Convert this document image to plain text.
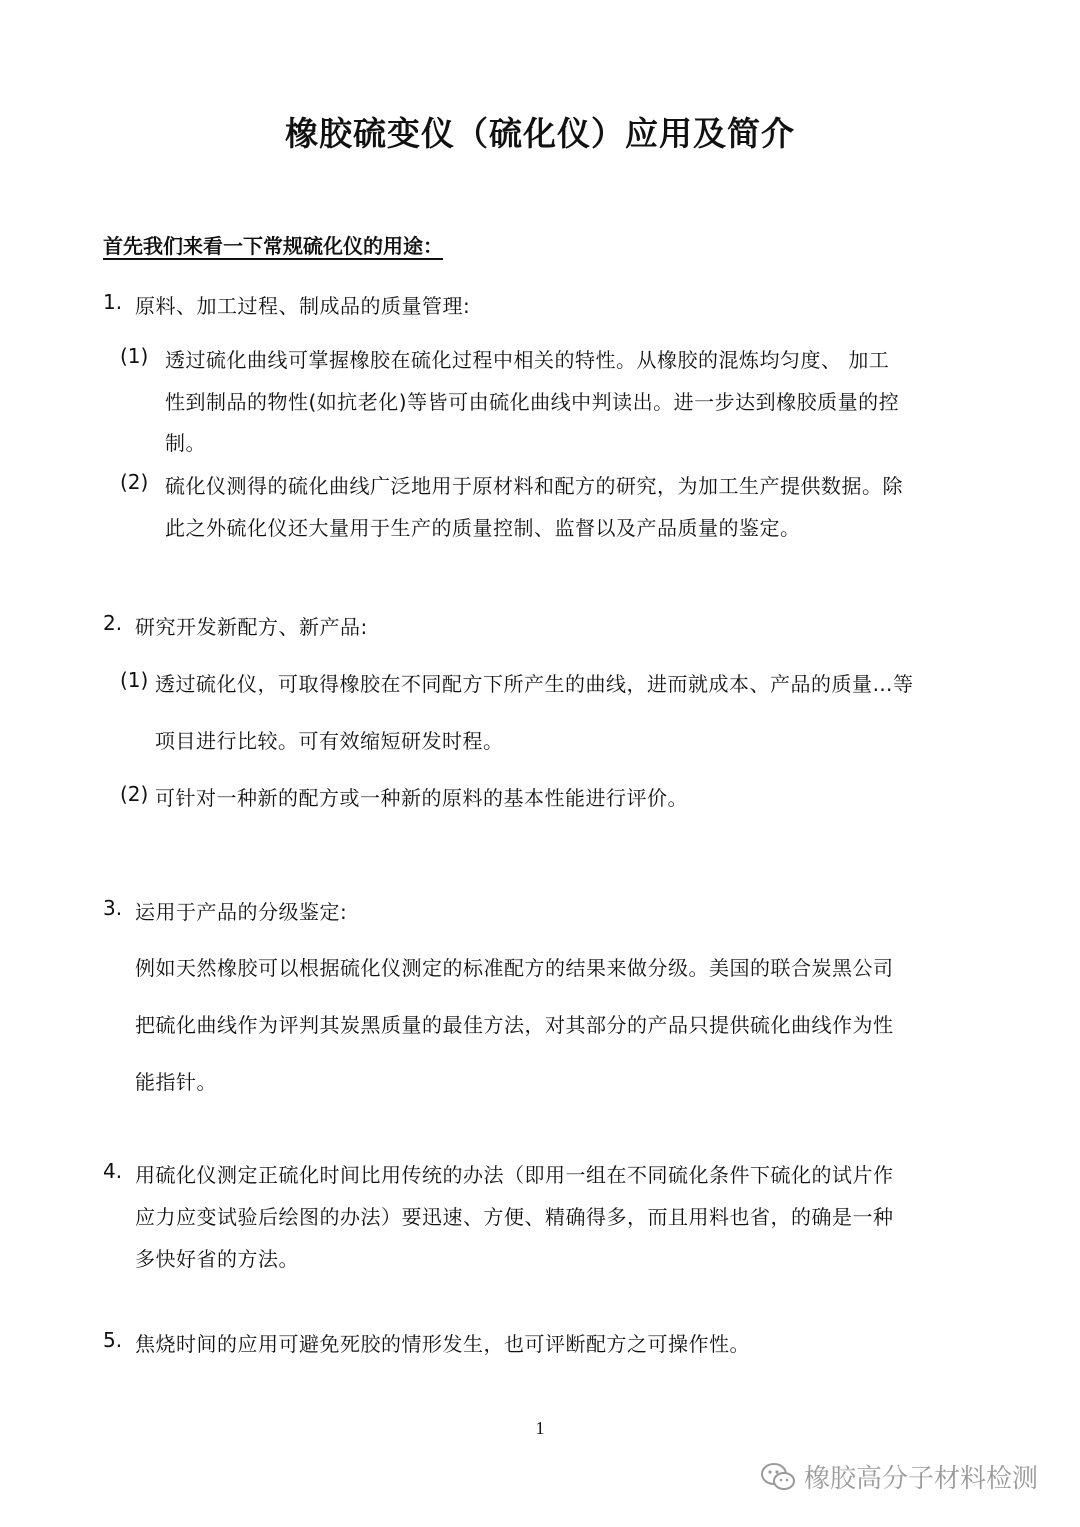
橡胶硫变仪（硫化仪）应用及简介
首先我们来看一下常规硫化仪的用途：
1. 原料、加工过程、制成品的质量管理:
(1) 透过硫化曲线可掌握橡胶在硫化过程中相关的特性。从橡胶的混炼均匀度、 加工
性到制品的物性(如抗老化)等皆可由硫化曲线中判读出。进一步达到橡胶质量的控
制。
(2) 硫化仪测得的硫化曲线广泛地用于原材料和配方的研究，为加工生产提供数据。除
此之外硫化仪还大量用于生产的质量控制、监督以及产品质量的鉴定。
2. 研究开发新配方、新产品:
(1) 透过硫化仪，可取得橡胶在不同配方下所产生的曲线，进而就成本、产品的质量…等
项目进行比较。可有效缩短研发时程。
(2) 可针对一种新的配方或一种新的原料的基本性能进行评价。
3. 运用于产品的分级鉴定:
例如天然橡胶可以根据硫化仪测定的标准配方的结果来做分级。美国的联合炭黑公司
把硫化曲线作为评判其炭黑质量的最佳方法，对其部分的产品只提供硫化曲线作为性
能指针。
4. 用硫化仪测定正硫化时间比用传统的办法（即用一组在不同硫化条件下硫化的试片作
应力应变试验后绘图的办法）要迅速、方便、精确得多，而且用料也省，的确是一种
多快好省的方法。
5. 焦烧时间的应用可避免死胶的情形发生，也可评断配方之可操作性。
1
橡胶高分子材料检测
